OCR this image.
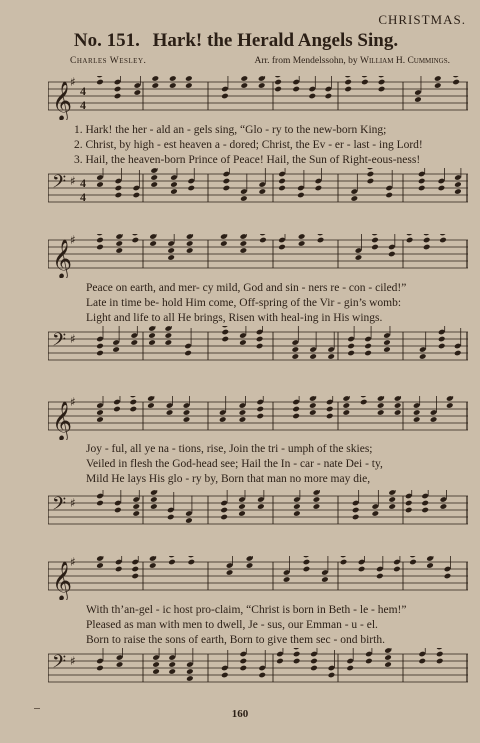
CHRISTMAS.
No. 151. Hark! the Herald Angels Sing.
Charles Wesley.	Arr. from Mendelssohn, by William H. Cummings.
𝄞
♯
4
4
1. Hark! the her - ald an - gels sing, “Glo - ry to the new-born King;
2. Christ, by high - est heaven a - dored; Christ, the Ev - er - last - ing Lord!
3. Hail, the heaven-born Prince of Peace! Hail, the Sun of Right-eous-ness!
𝄢 ♯ 4
4
𝄞
♯
Peace on earth, and mer- cy mild, God and sin - ners re - con - ciled!”
Late in time be- hold Him come, Off-spring of the Vir - gin’s womb:
Light and life to all He brings, Risen with heal-ing in His wings.
𝄢 ♯
𝄞
♯
Joy - ful, all ye na - tions, rise, Join the tri - umph of the skies;
Veiled in flesh the God-head see; Hail the In - car - nate Dei - ty,
Mild He lays His glo - ry by, Born that man no more may die,
𝄢 ♯
𝄞
♯
With th’an-gel - ic host pro-claim, “Christ is born in Beth - le - hem!”
Pleased as man with men to dwell, Je - sus, our Emman - u - el.
Born to raise the sons of earth, Born to give them sec - ond birth.
𝄢 ♯
160
